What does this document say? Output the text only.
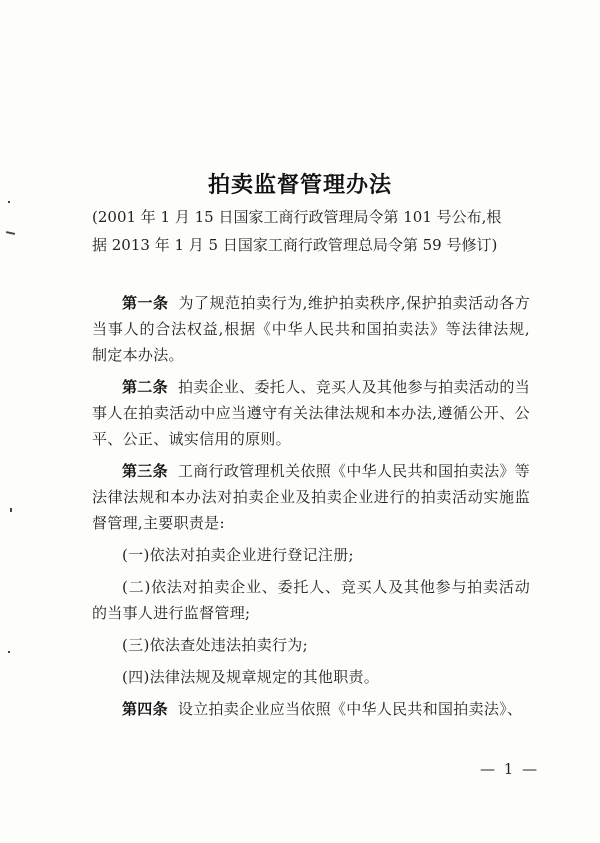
拍卖监督管理办法
(2001 年 1 月 15 日国家工商行政管理局令第 101 号公布,根
据 2013 年 1 月 5 日国家工商行政管理总局令第 59 号修订)

第一条 为了规范拍卖行为,维护拍卖秩序,保护拍卖活动各方当事人的合法权益,根据《中华人民共和国拍卖法》等法律法规,制定本办法。

第二条 拍卖企业、委托人、竞买人及其他参与拍卖活动的当事人在拍卖活动中应当遵守有关法律法规和本办法,遵循公开、公平、公正、诚实信用的原则。

第三条 工商行政管理机关依照《中华人民共和国拍卖法》等法律法规和本办法对拍卖企业及拍卖企业进行的拍卖活动实施监督管理,主要职责是:

(一)依法对拍卖企业进行登记注册;

(二)依法对拍卖企业、委托人、竞买人及其他参与拍卖活动的当事人进行监督管理;

(三)依法查处违法拍卖行为;

(四)法律法规及规章规定的其他职责。

第四条 设立拍卖企业应当依照《中华人民共和国拍卖法》、

— 1 —
